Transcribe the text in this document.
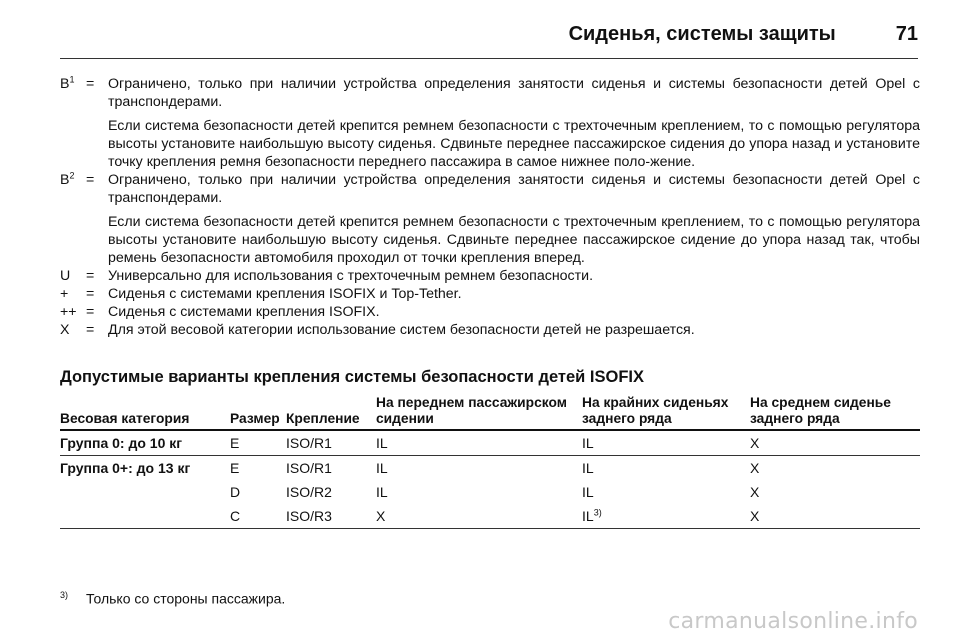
Сиденья, системы защиты	71
$B^1$ = Ограничено, только при наличии устройства определения занятости сиденья и системы безопасности детей Opel с транспондерами.

Если система безопасности детей крепится ремнем безопасности с трехточечным креплением, то с помощью регулятора высоты установите наибольшую высоту сиденья. Сдвиньте переднее пассажирское сидения до упора назад и установите точку крепления ремня безопасности переднего пассажира в самое нижнее поло-жение.

$B^2$ = Ограничено, только при наличии устройства определения занятости сиденья и системы безопасности детей Opel с транспондерами.

Если система безопасности детей крепится ремнем безопасности с трехточечным креплением, то с помощью регулятора высоты установите наибольшую высоту сиденья. Сдвиньте переднее пассажирское сидение до упора назад так, чтобы ремень безопасности автомобиля проходил от точки крепления вперед.

U	= Универсально для использования с трехточечным ремнем безопасности.

+	= Сиденья с системами крепления ISOFIX и Top-Tether.

++ = Сиденья с системами крепления ISOFIX.

X	= Для этой весовой категории использование систем безопасности детей не разрешается.

Допустимые варианты крепления системы безопасности детей ISOFIX
Весовая категория	Размер	Крепление	На переднем пассажирском сидении	На крайних сиденьях заднего ряда	На среднем сиденье заднего ряда
Группа 0: до 10 кг	E	ISO/R1	IL	IL	X
Группа 0+: до 13 кг	E	ISO/R1	IL	IL	X
	D	ISO/R2	IL	IL	X
	C	ISO/R3	X	IL$^{3)}$	X
$^{3)}$ Только со стороны пассажира.
carmanualsonline.info
